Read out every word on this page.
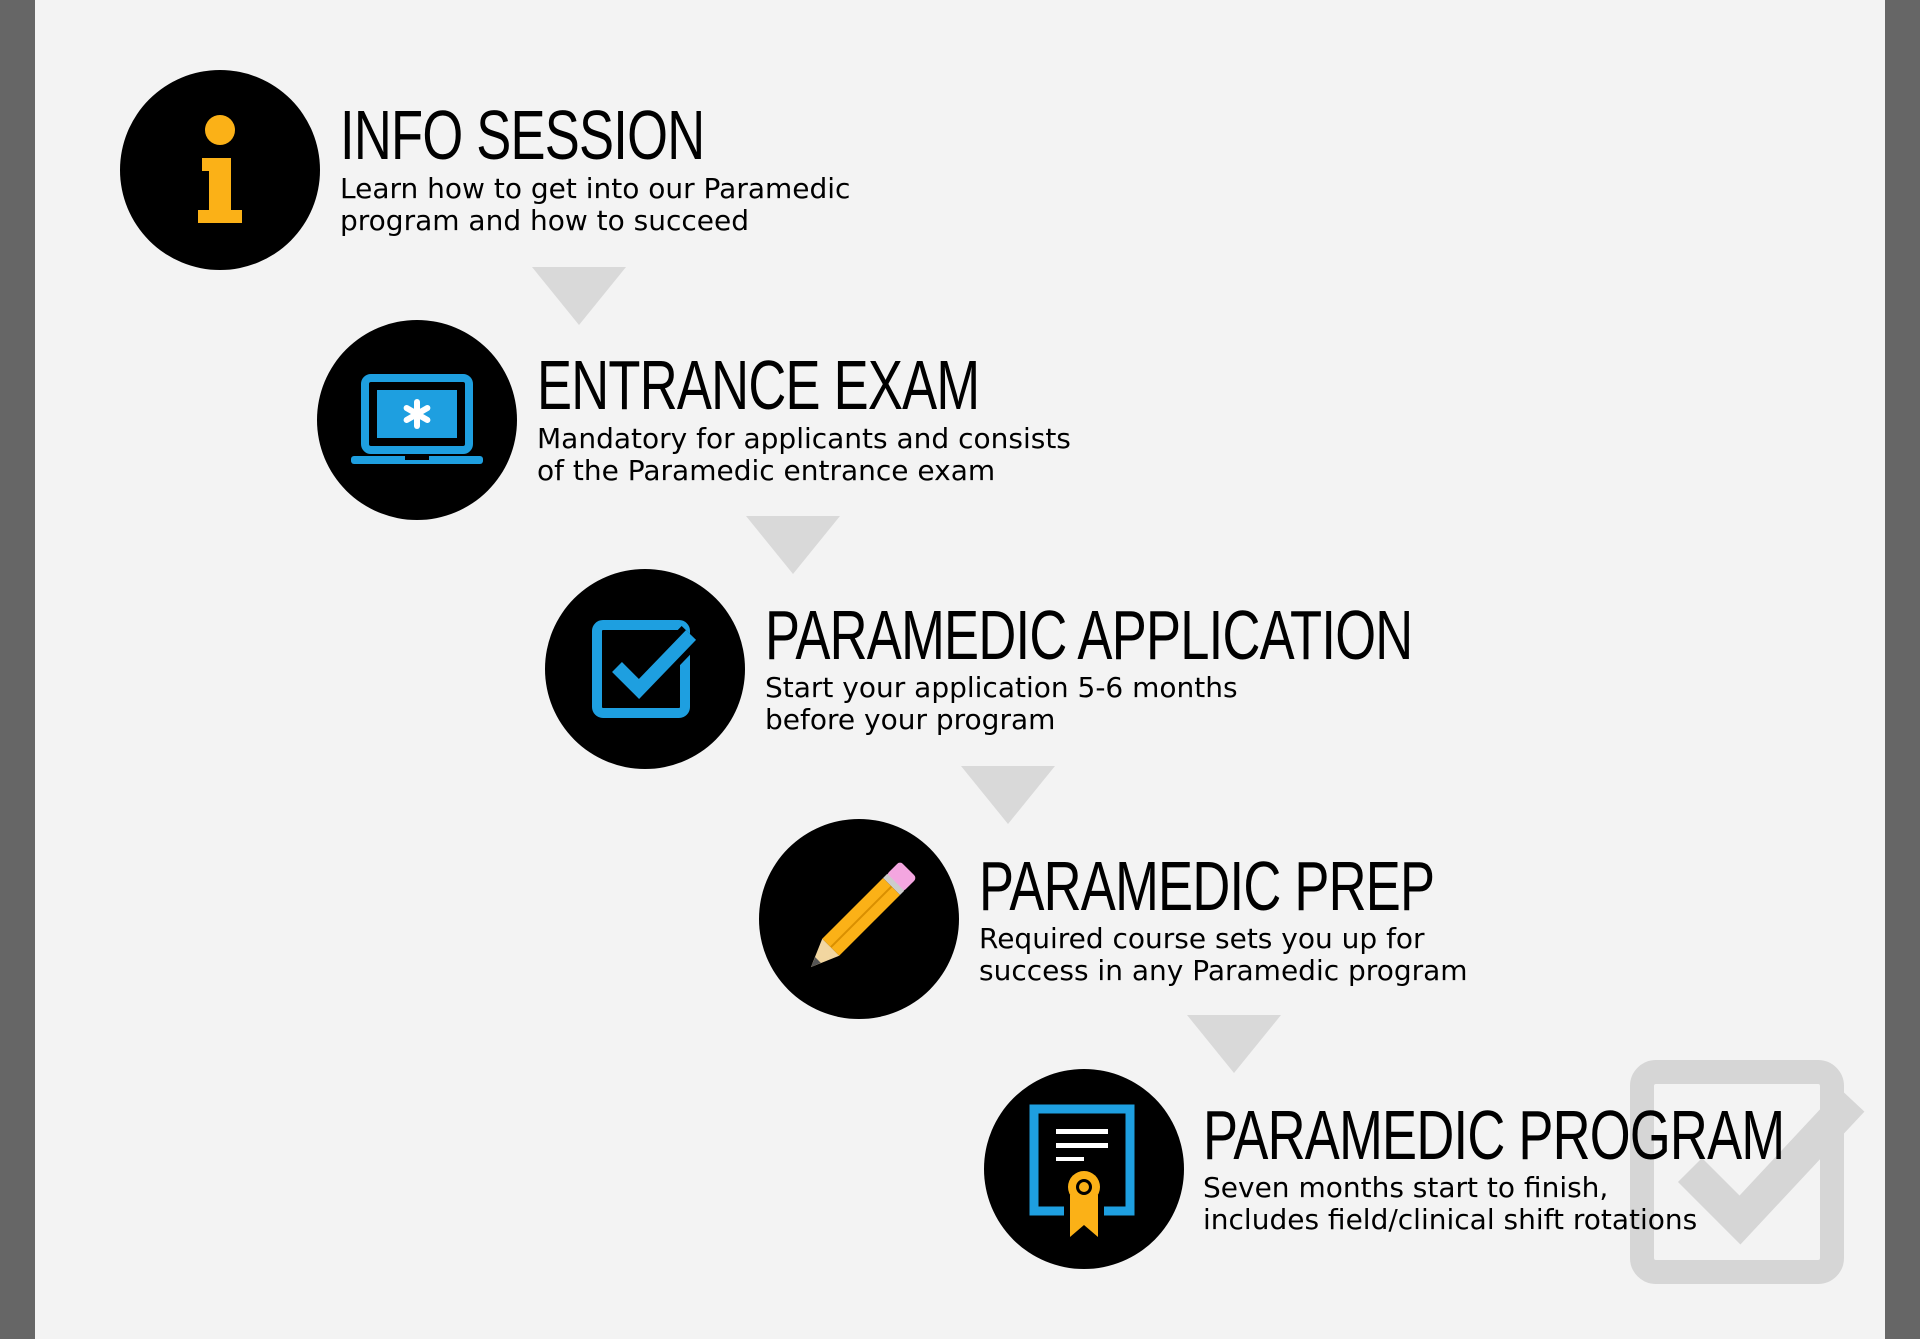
INFO SESSION
Learn how to get into our Paramedic
program and how to succeed
ENTRANCE EXAM
Mandatory for applicants and consists
of the Paramedic entrance exam
PARAMEDIC APPLICATION
Start your application 5-6 months
before your program
PARAMEDIC PREP
Required course sets you up for
success in any Paramedic program
PARAMEDIC PROGRAM
Seven months start to finish,
includes field/clinical shift rotations
